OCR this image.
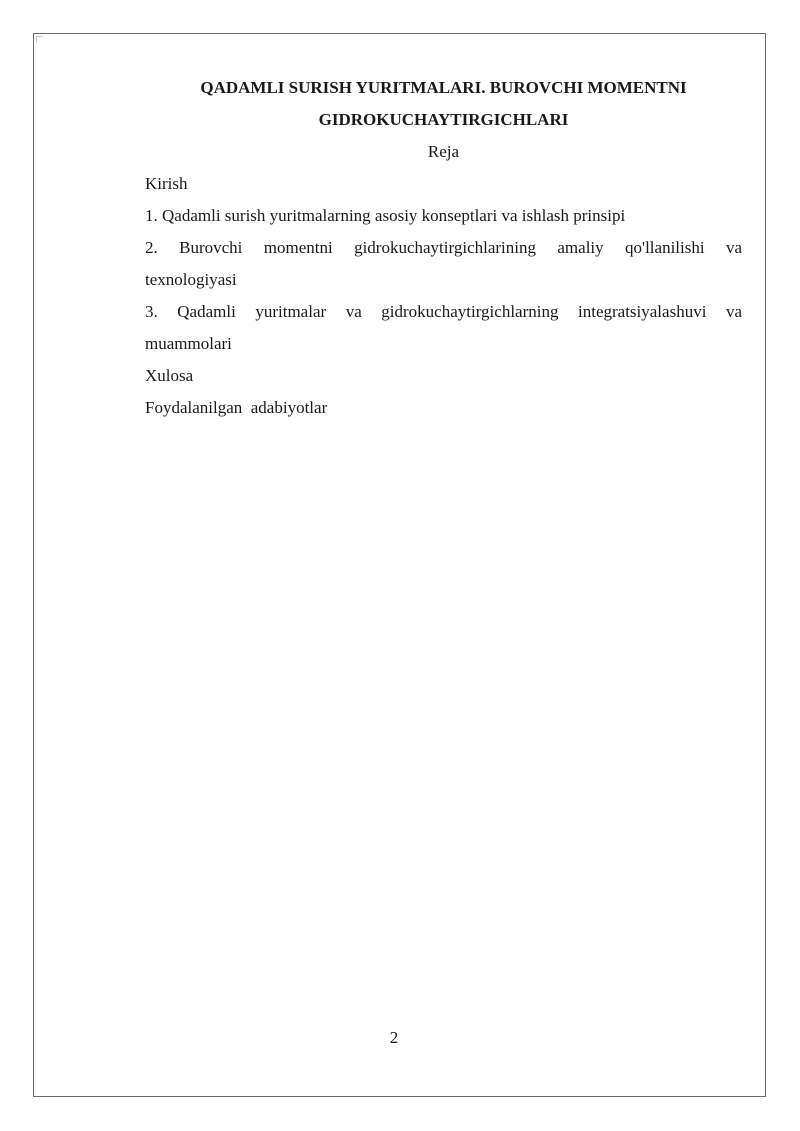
QADAMLI SURISH YURITMALARI. BUROVCHI MOMENTNI

GIDROKUCHAYTIRGICHLARI

Reja

Kirish

1. Qadamli surish yuritmalarning asosiy konseptlari va ishlash prinsipi

2. Burovchi momentni gidrokuchaytirgichlarining amaliy qo'llanilishi va
texnologiyasi
3. Qadamli yuritmalar va gidrokuchaytirgichlarning integratsiyalashuvi va
muammolari

Xulosa

Foydalanilgan  adabiyotlar

2
